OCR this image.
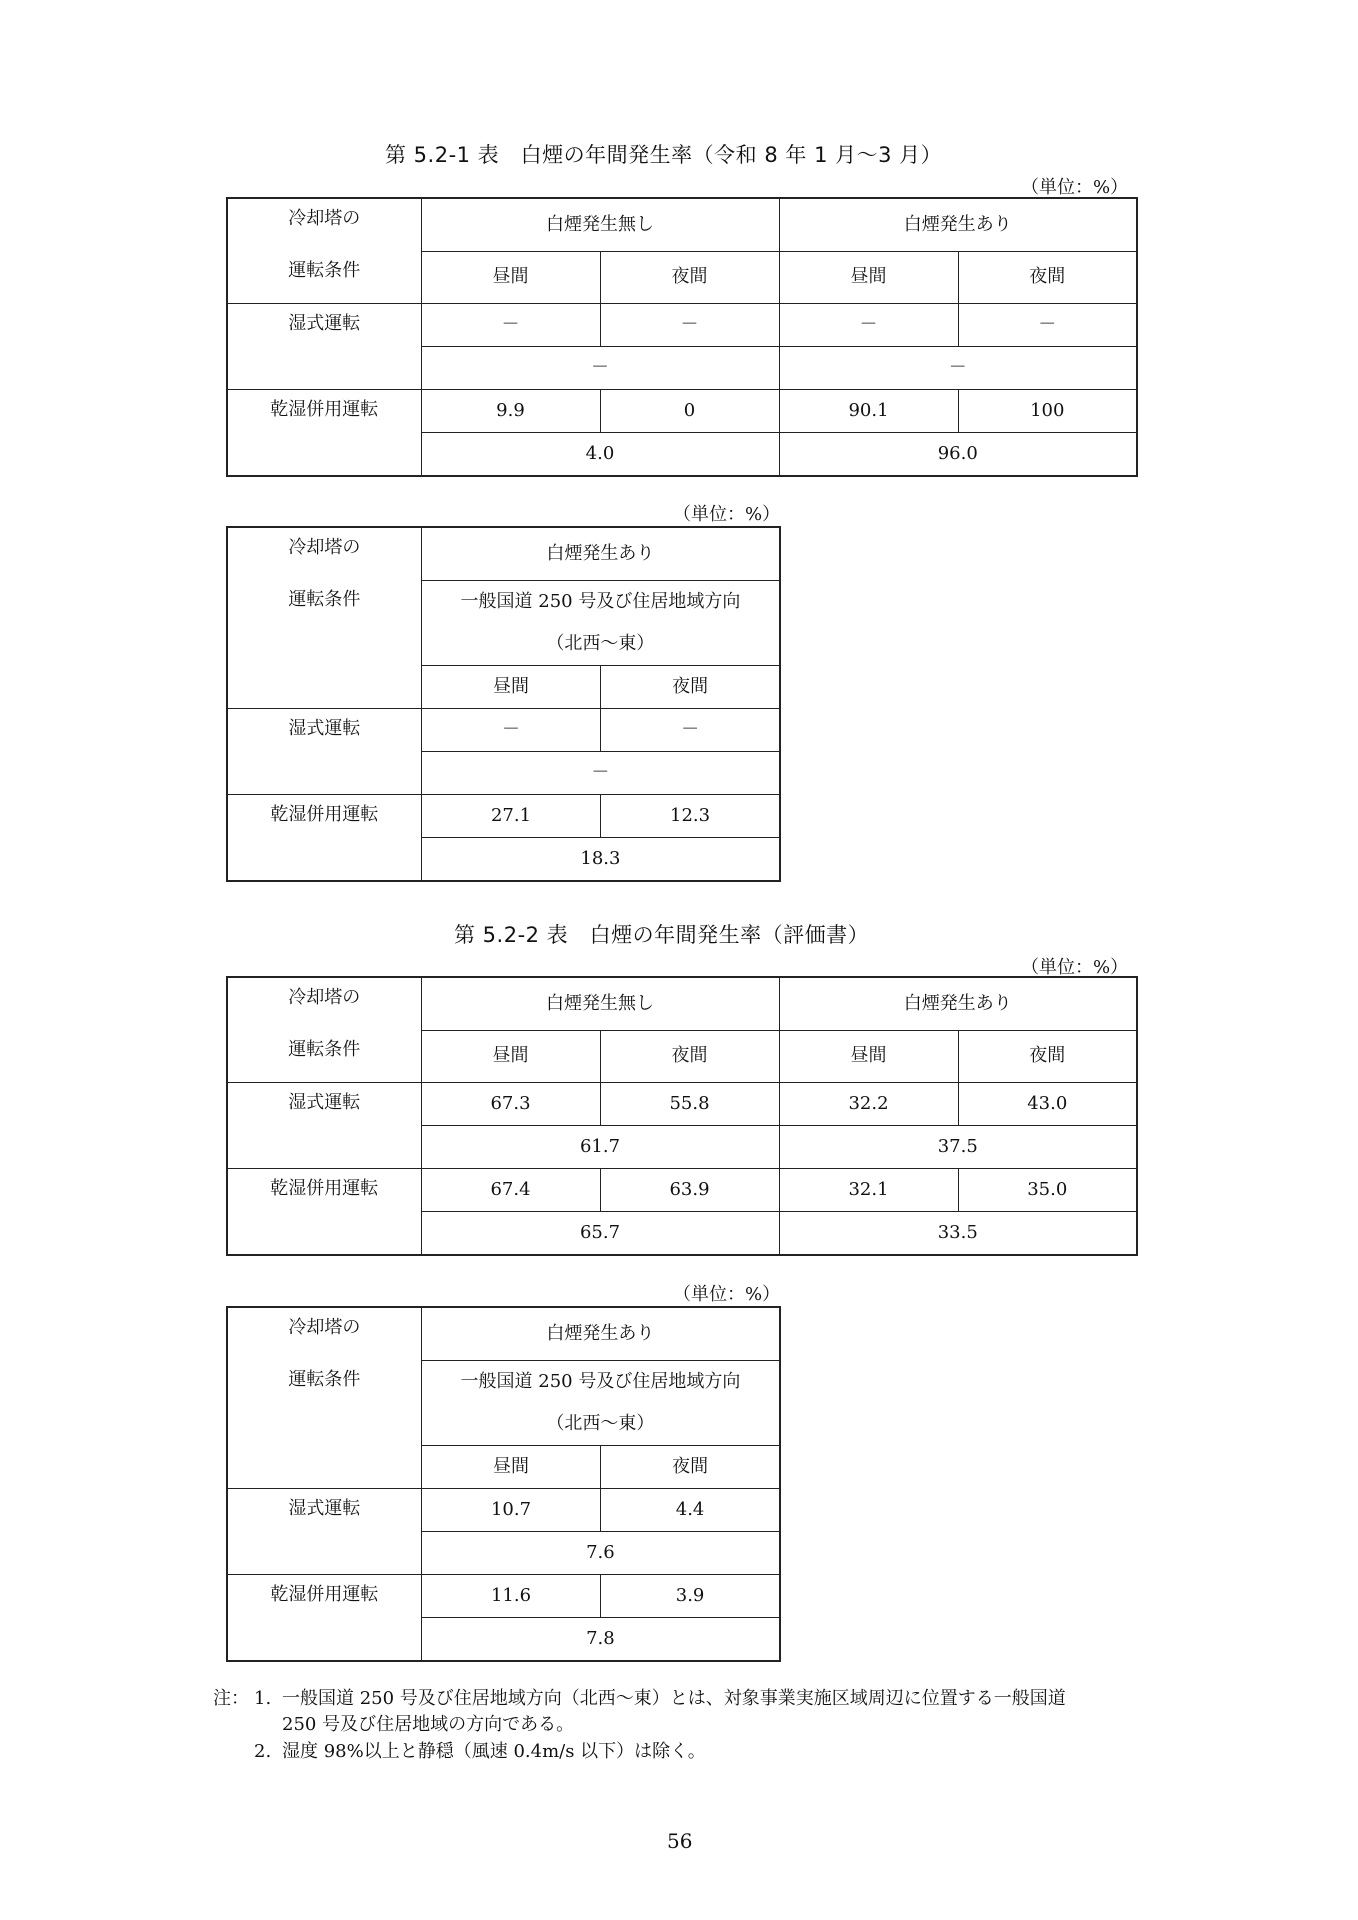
第 5.2-1 表　白煙の年間発生率（令和 8 年 1 月～3 月）
（単位：%）
冷却塔の	白煙発生無し		白煙発生あり	
運転条件	昼間	夜間	昼間	夜間
湿式運転	－	－	－	－
	－		－	
乾湿併用運転	9.9	0	90.1	100
	4.0		96.0	
（単位：%）
冷却塔の	白煙発生あり	
運転条件	一般国道 250 号及び住居地域方向	
	（北西～東）	
	昼間	夜間
湿式運転	－	－
	－	
乾湿併用運転	27.1	12.3
	18.3	
第 5.2-2 表　白煙の年間発生率（評価書）
（単位：%）
冷却塔の	白煙発生無し		白煙発生あり	
運転条件	昼間	夜間	昼間	夜間
湿式運転	67.3	55.8	32.2	43.0
	61.7		37.5	
乾湿併用運転	67.4	63.9	32.1	35.0
	65.7		33.5	
（単位：%）
冷却塔の	白煙発生あり	
運転条件	一般国道 250 号及び住居地域方向	
	（北西～東）	
	昼間	夜間
湿式運転	10.7	4.4
	7.6	
乾湿併用運転	11.6	3.9
	7.8	
注： 1. 一般国道 250 号及び住居地域方向（北西～東）とは、対象事業実施区域周辺に位置する一般国道
250 号及び住居地域の方向である。
2. 湿度 98%以上と静穏（風速 0.4m/s 以下）は除く。
56
